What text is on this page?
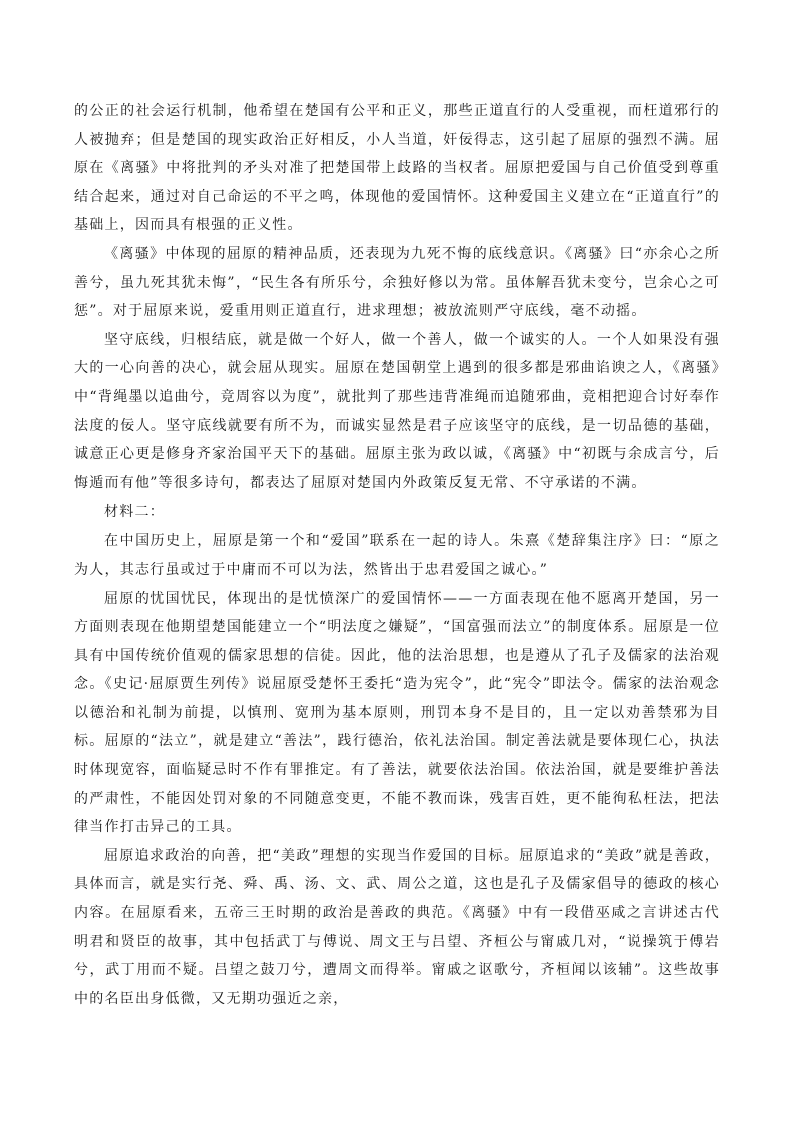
的公正的社会运行机制，他希望在楚国有公平和正义，那些正道直行的人受重视，而枉道邪行的人被抛弃；但是楚国的现实政治正好相反，小人当道，奸佞得志，这引起了屈原的强烈不满。屈原在《离骚》中将批判的矛头对准了把楚国带上歧路的当权者。屈原把爱国与自己价值受到尊重结合起来，通过对自己命运的不平之鸣，体现他的爱国情怀。这种爱国主义建立在“正道直行”的基础上，因而具有根强的正义性。

《离骚》中体现的屈原的精神品质，还表现为九死不悔的底线意识。《离骚》曰“亦余心之所善兮，虽九死其犹未悔”，“民生各有所乐兮，余独好修以为常。虽体解吾犹未变兮，岂余心之可惩”。对于屈原来说，爱重用则正道直行，进求理想；被放流则严守底线，毫不动摇。

坚守底线，归根结底，就是做一个好人，做一个善人，做一个诚实的人。一个人如果没有强大的一心向善的决心，就会屈从现实。屈原在楚国朝堂上遇到的很多都是邪曲谄谀之人，《离骚》中“背绳墨以追曲兮，竞周容以为度”，就批判了那些违背准绳而追随邪曲，竞相把迎合讨好奉作法度的佞人。坚守底线就要有所不为，而诚实显然是君子应该坚守的底线，是一切品德的基础，诚意正心更是修身齐家治国平天下的基础。屈原主张为政以诚，《离骚》中“初既与余成言兮，后悔遁而有他”等很多诗句，都表达了屈原对楚国内外政策反复无常、不守承诺的不满。

材料二：

在中国历史上，屈原是第一个和“爱国”联系在一起的诗人。朱熹《楚辞集注序》曰：“原之为人，其志行虽或过于中庸而不可以为法，然皆出于忠君爱国之诚心。”

屈原的忧国忧民，体现出的是忧愤深广的爱国情怀——一方面表现在他不愿离开楚国，另一方面则表现在他期望楚国能建立一个“明法度之嫌疑”，“国富强而法立”的制度体系。屈原是一位具有中国传统价值观的儒家思想的信徒。因此，他的法治思想，也是遵从了孔子及儒家的法治观念。《史记·屈原贾生列传》说屈原受楚怀王委托“造为宪令”，此“宪令”即法令。儒家的法治观念以德治和礼制为前提，以慎刑、宽刑为基本原则，刑罚本身不是目的，且一定以劝善禁邪为目标。屈原的“法立”，就是建立“善法”，践行德治，依礼法治国。制定善法就是要体现仁心，执法时体现宽容，面临疑忌时不作有罪推定。有了善法，就要依法治国。依法治国，就是要维护善法的严肃性，不能因处罚对象的不同随意变更，不能不教而诛，残害百姓，更不能徇私枉法，把法律当作打击异己的工具。

屈原追求政治的向善，把“美政”理想的实现当作爱国的目标。屈原追求的“美政”就是善政，具体而言，就是实行尧、舜、禹、汤、文、武、周公之道，这也是孔子及儒家倡导的德政的核心内容。在屈原看来，五帝三王时期的政治是善政的典范。《离骚》中有一段借巫咸之言讲述古代明君和贤臣的故事，其中包括武丁与傅说、周文王与吕望、齐桓公与甯戚几对，“说操筑于傅岩兮，武丁用而不疑。吕望之鼓刀兮，遭周文而得举。甯戚之讴歌兮，齐桓闻以该辅”。这些故事中的名臣出身低微，又无期功强近之亲，
